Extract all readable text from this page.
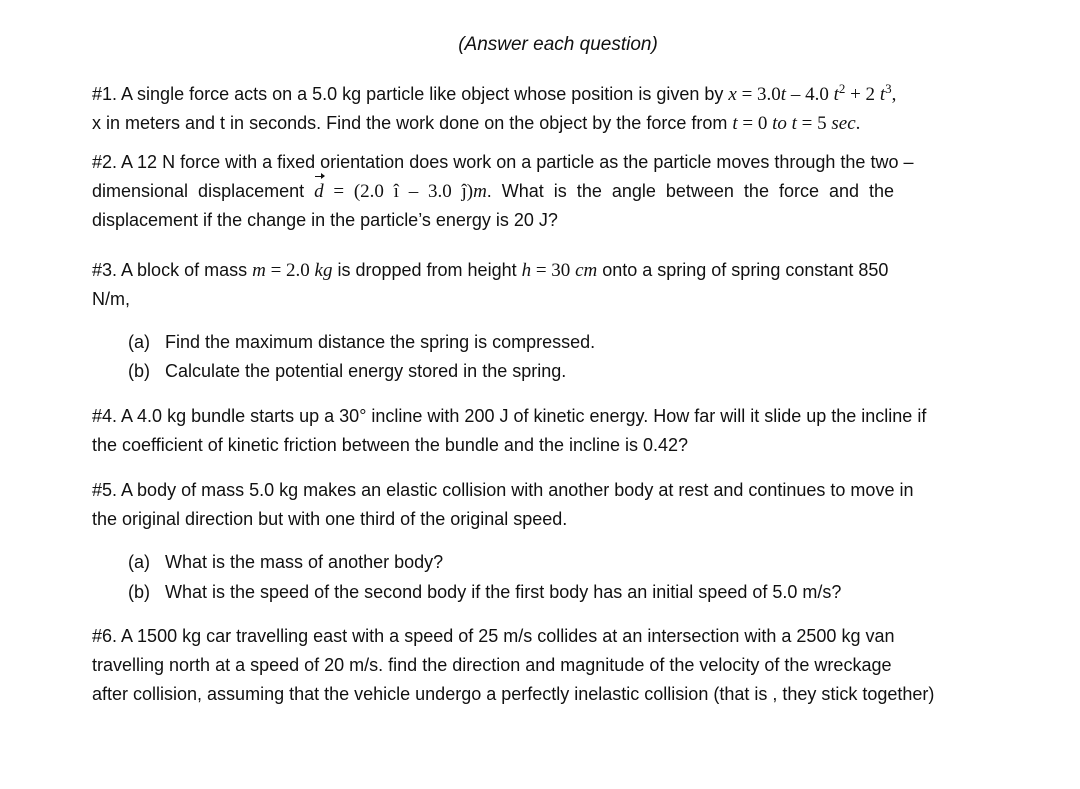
(Answer each question)
#1. A single force acts on a 5.0 kg particle like object whose position is given by x = 3.0t – 4.0 $t^2 + 2$ $t^3$,
x in meters and t in seconds. Find the work done on the object by the force from t = 0 to t = 5 sec.
#2. A 12 N force with a fixed orientation does work on a particle as the particle moves through the two –
dimensional displacement d = (2.0 î – 3.0 ĵ)m. What is the angle between the force and the
displacement if the change in the particle’s energy is 20 J?
#3. A block of mass m = 2.0 kg is dropped from height h = 30 cm onto a spring of spring constant 850
N/m,
(a) Find the maximum distance the spring is compressed.
(b) Calculate the potential energy stored in the spring.
#4. A 4.0 kg bundle starts up a 30° incline with 200 J of kinetic energy. How far will it slide up the incline if
the coefficient of kinetic friction between the bundle and the incline is 0.42?
#5. A body of mass 5.0 kg makes an elastic collision with another body at rest and continues to move in
the original direction but with one third of the original speed.
(a) What is the mass of another body?
(b) What is the speed of the second body if the first body has an initial speed of 5.0 m/s?
#6. A 1500 kg car travelling east with a speed of 25 m/s collides at an intersection with a 2500 kg van
travelling north at a speed of 20 m/s. find the direction and magnitude of the velocity of the wreckage
after collision, assuming that the vehicle undergo a perfectly inelastic collision (that is , they stick together)
